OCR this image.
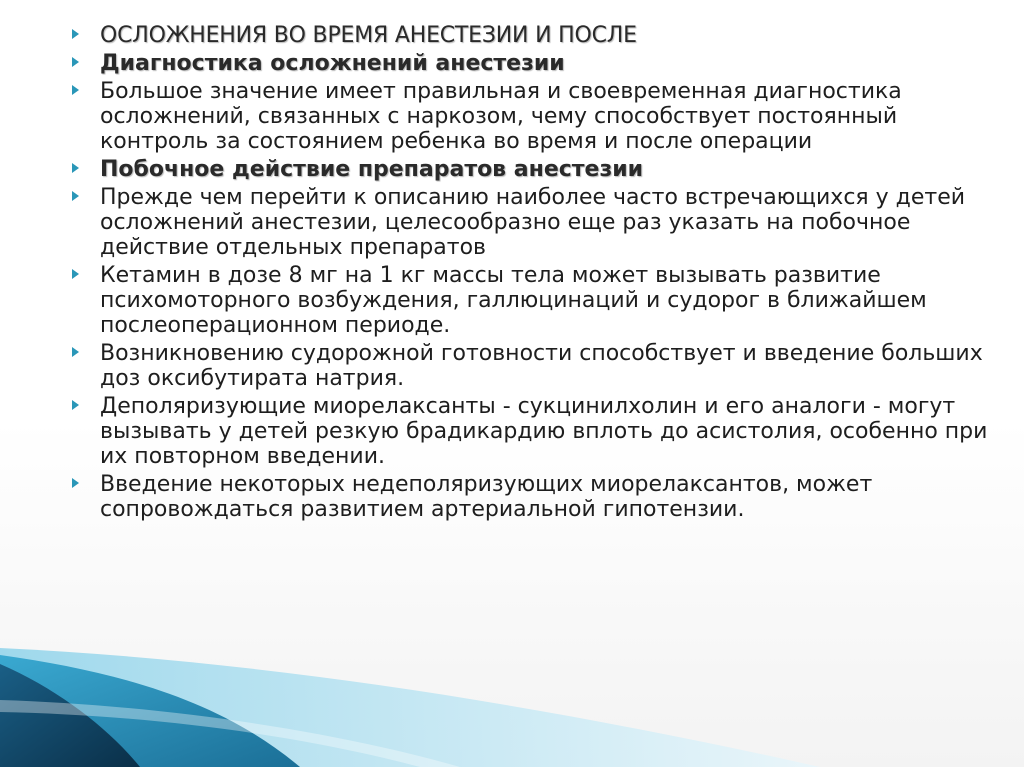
ОСЛОЖНЕНИЯ ВО ВРЕМЯ АНЕСТЕЗИИ И ПОСЛЕ
Диагностика осложнений анестезии
Большое значение имеет правильная и своевременная диагностика осложнений, связанных с наркозом, чему способствует постоянный контроль за состоянием ребенка во время и после операции
Побочное действие препаратов анестезии
Прежде чем перейти к описанию наиболее часто встречающихся у детей осложнений анестезии, целесообразно еще раз указать на побочное действие отдельных препаратов
Кетамин в дозе 8 мг на 1 кг массы тела может вызывать развитие психомоторного возбуждения, галлюцинаций и судорог в ближайшем послеоперационном периоде.
Возникновению судорожной готовности способствует и введение больших доз оксибутирата натрия.
Деполяризующие миорелаксанты - сукцинилхолин и его аналоги - могут вызывать у детей резкую брадикардию вплоть до асистолия, особенно при их повторном введении.
Введение некоторых недеполяризующих миорелаксантов, может сопровождаться развитием артериальной гипотензии.
